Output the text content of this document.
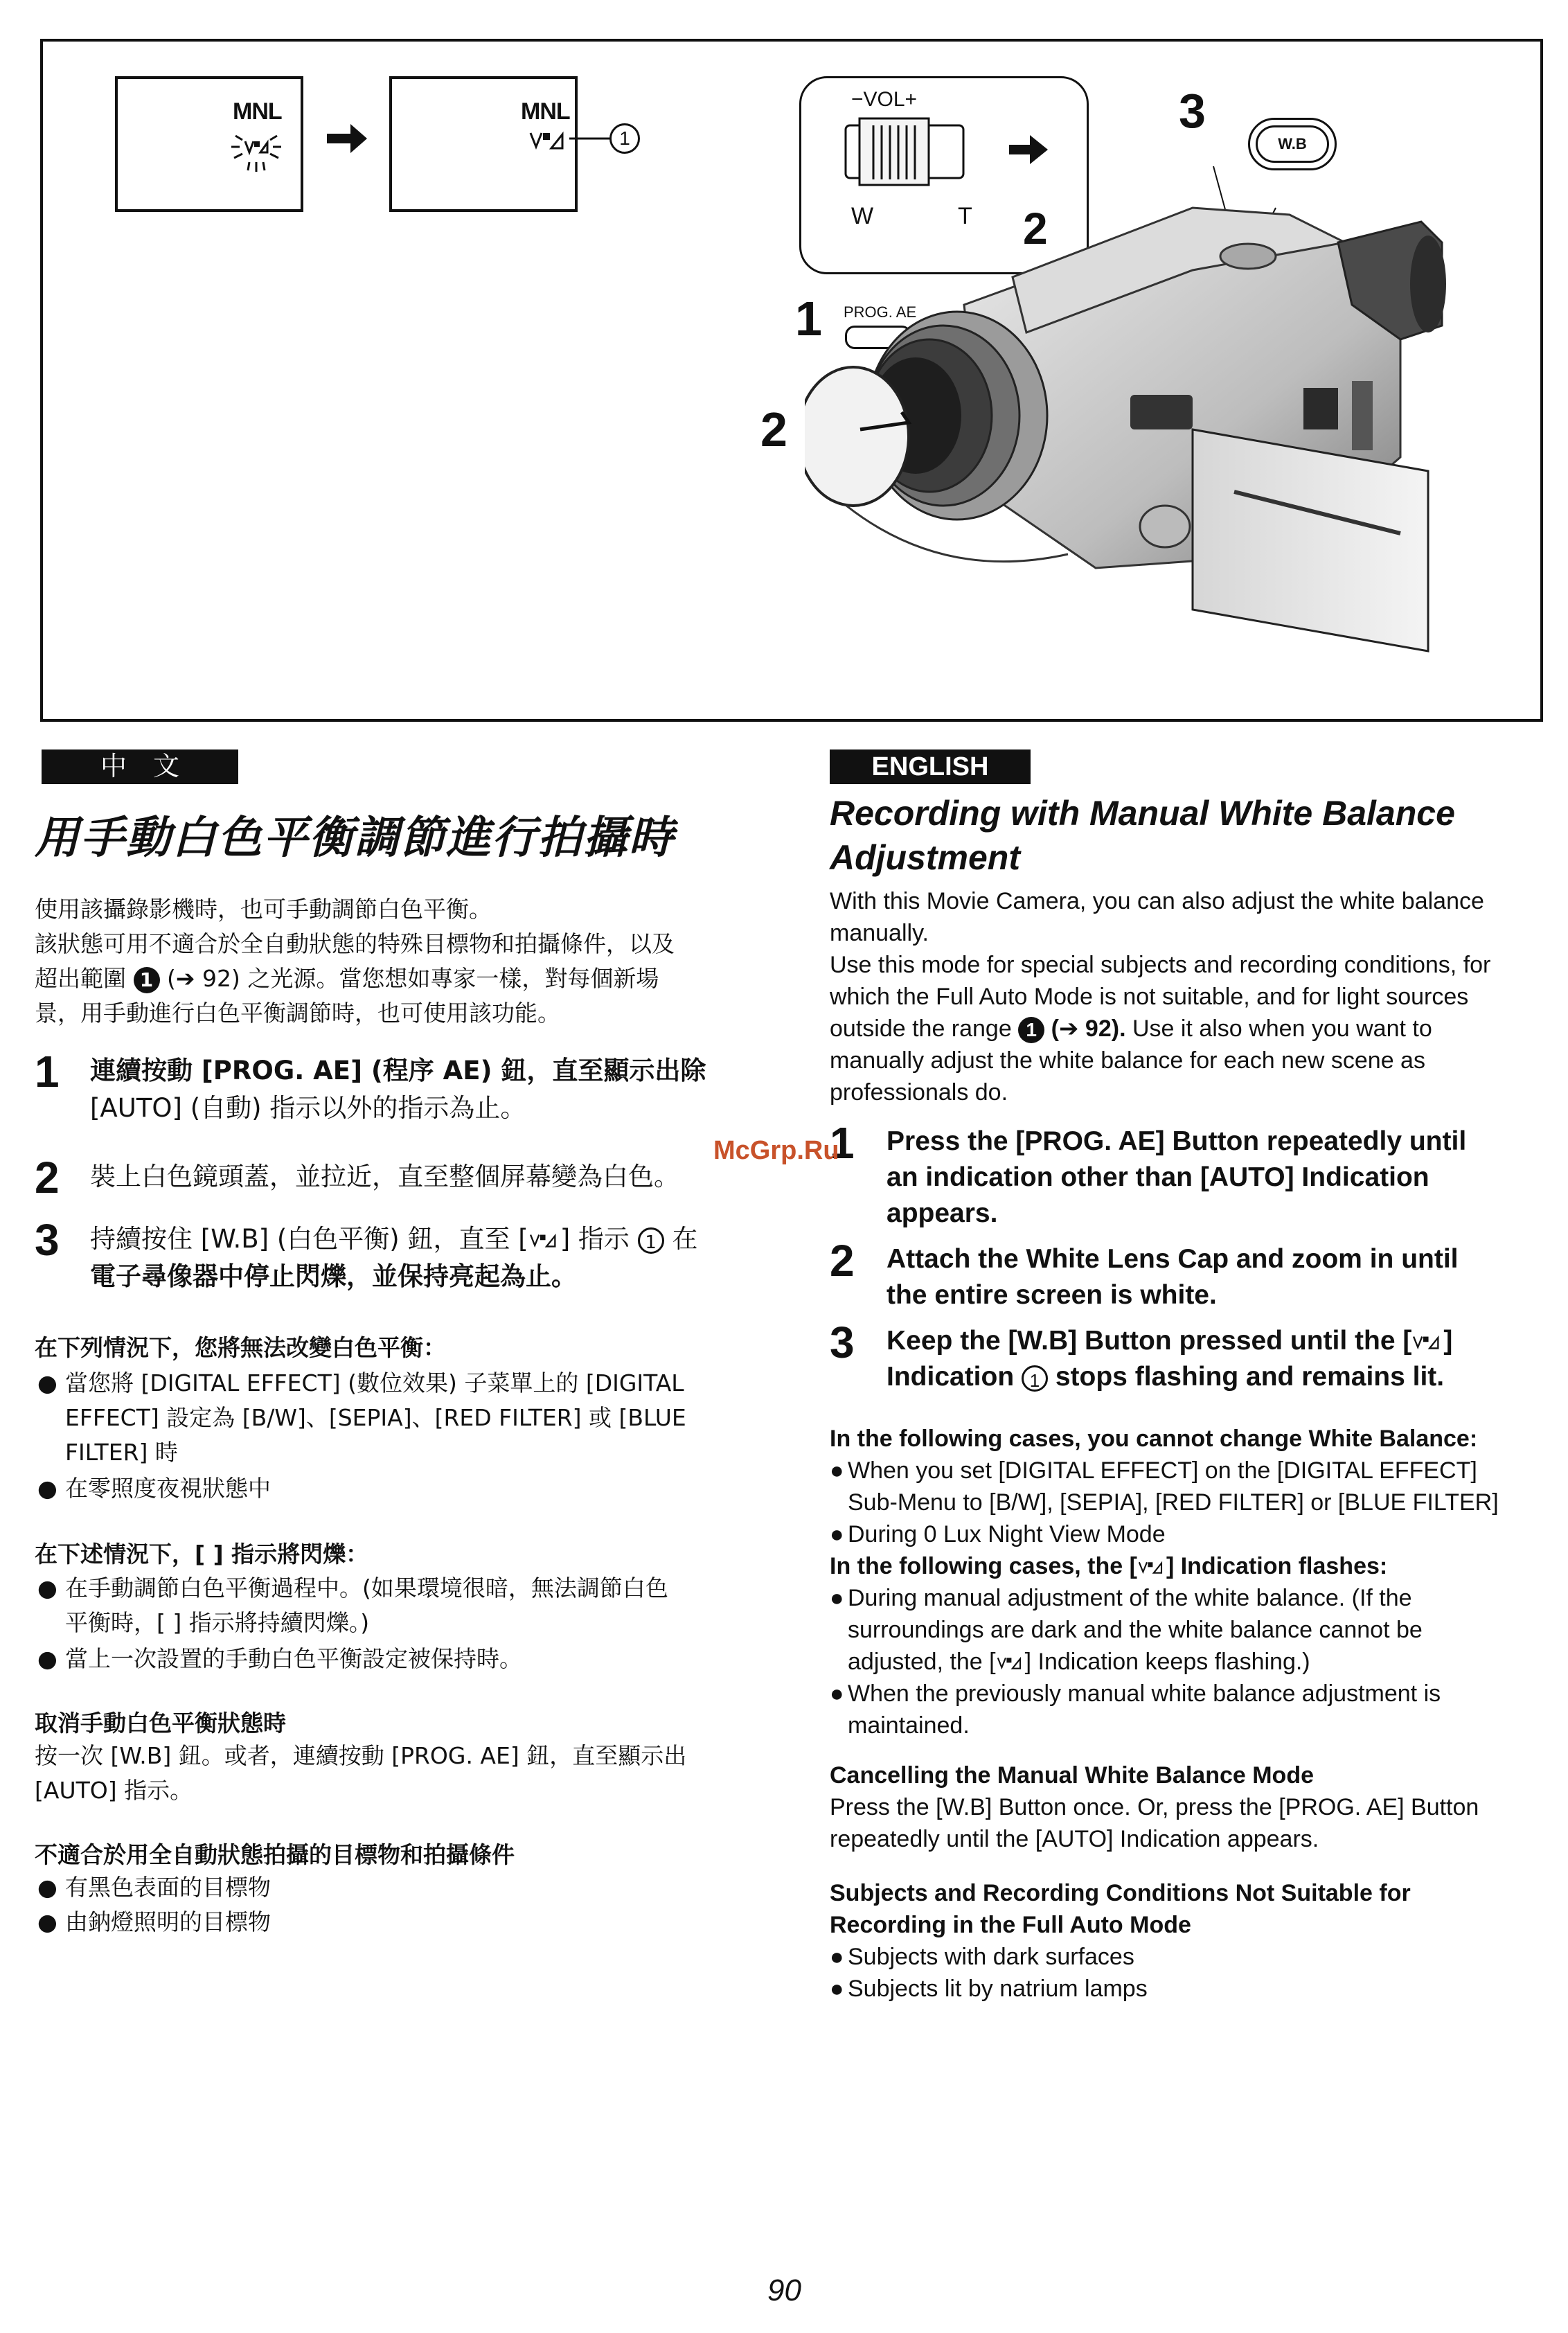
MNL	MNL
1
−VOL+
W	T 2
3
W.B
1 PROG. AE
2
中　文	ENGLISH
用手動白色平衡調節進行拍攝時
使用該攝錄影機時，也可手動調節白色平衡。
該狀態可用不適合於全自動狀態的特殊目標物和拍攝條件，以及
超出範圍 1 (➔ 92) 之光源。當您想如專家一樣，對每個新場
景，用手動進行白色平衡調節時，也可使用該功能。
1 連續按動 [PROG. AE] (程序 AE) 鈕，直至顯示出除
[AUTO] (自動) 指示以外的指示為止。
2 裝上白色鏡頭蓋，並拉近，直至整個屏幕變為白色。
3 持續按住 [W.B] (白色平衡) 鈕，直至 [ ] 指示 1 在
電子尋像器中停止閃爍，並保持亮起為止。
在下列情況下，您將無法改變白色平衡：
● 當您將 [DIGITAL EFFECT] (數位效果) 子菜單上的 [DIGITAL
EFFECT] 設定為 [B/W]、[SEPIA]、[RED FILTER] 或 [BLUE
FILTER] 時
● 在零照度夜視狀態中
在下述情況下，[ ] 指示將閃爍：
● 在手動調節白色平衡過程中。(如果環境很暗，無法調節白色
平衡時，[ ] 指示將持續閃爍。)
● 當上一次設置的手動白色平衡設定被保持時。
取消手動白色平衡狀態時
按一次 [W.B] 鈕。或者，連續按動 [PROG. AE] 鈕，直至顯示出
[AUTO] 指示。
不適合於用全自動狀態拍攝的目標物和拍攝條件
● 有黑色表面的目標物
● 由鈉燈照明的目標物
Recording with Manual White Balance
Adjustment
With this Movie Camera, you can also adjust the white balance
manually.
Use this mode for special subjects and recording conditions, for
which the Full Auto Mode is not suitable, and for light sources
outside the range 1 (➔ 92). Use it also when you want to
manually adjust the white balance for each new scene as
professionals do.
1 Press the [PROG. AE] Button repeatedly until
an indication other than [AUTO] Indication
appears.
2 Attach the White Lens Cap and zoom in until
the entire screen is white.
3 Keep the [W.B] Button pressed until the [ ]
Indication 1 stops flashing and remains lit.
In the following cases, you cannot change White Balance:
● When you set [DIGITAL EFFECT] on the [DIGITAL EFFECT]
Sub-Menu to [B/W], [SEPIA], [RED FILTER] or [BLUE FILTER]
● During 0 Lux Night View Mode
In the following cases, the [ ] Indication flashes:
● During manual adjustment of the white balance. (If the
surroundings are dark and the white balance cannot be
adjusted, the [ ] Indication keeps flashing.)
● When the previously manual white balance adjustment is
maintained.
Cancelling the Manual White Balance Mode
Press the [W.B] Button once. Or, press the [PROG. AE] Button
repeatedly until the [AUTO] Indication appears.
Subjects and Recording Conditions Not Suitable for
Recording in the Full Auto Mode
● Subjects with dark surfaces
● Subjects lit by natrium lamps
McGrp.Ru
90
